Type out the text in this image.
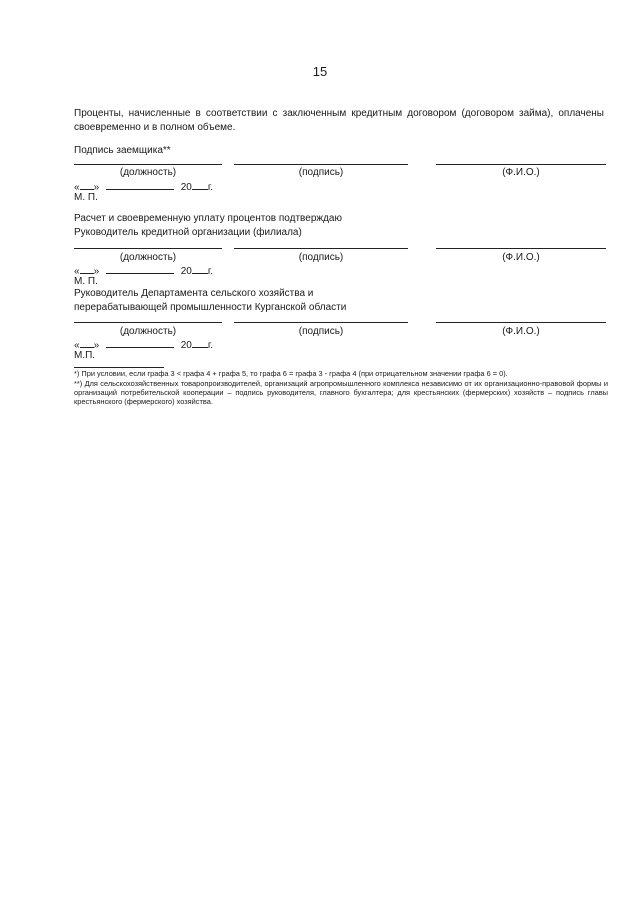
15
Проценты, начисленные в соответствии с заключенным кредитным договором (договором займа), оплачены своевременно и в полном объеме.
Подпись заемщика**
(должность)	(подпись)	(Ф.И.О.)
« »	20 г.
М. П.
Расчет и своевременную уплату процентов подтверждаю
Руководитель кредитной организации (филиала)
(должность)	(подпись)	(Ф.И.О.)
« »	20 г.
М. П.
Руководитель Департамента сельского хозяйства и
перерабатывающей промышленности Курганской области
(должность)	(подпись)	(Ф.И.О.)
« »	20 г.
М.П.
*) При условии, если графа 3 < графа 4 + графа 5, то графа 6 = графа 3 - графа 4 (при отрицательном значении графа 6 = 0).
**) Для сельскохозяйственных товаропроизводителей, организаций агропромышленного комплекса независимо от их организационно-правовой формы и организаций потребительской кооперации – подпись руководителя, главного бухгалтера; для крестьянских (фермерских) хозяйств – подпись главы крестьянского (фермерского) хозяйства.
